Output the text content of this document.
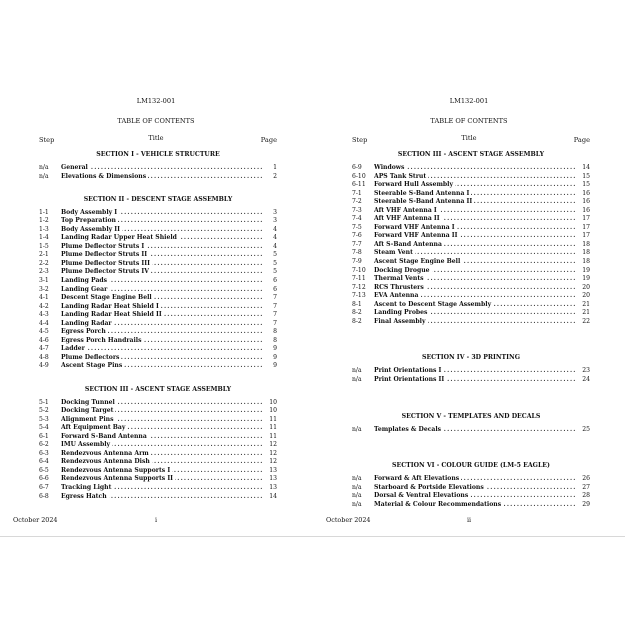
LM132-001
TABLE OF CONTENTS
Step	Title	Page
SECTION I - VEHICLE STRUCTURE
n/a	General .....	1
n/a	Elevations & Dimensions .....	2
SECTION II - DESCENT STAGE ASSEMBLY
1-1	Body Assembly I .....	3
1-2	Top Preparation .....	3
1-3	Body Assembly II .....	4
1-4	Landing Radar Upper Heat Shield .....	4
1-5	Plume Deflector Struts I .....	4
2-1	Plume Deflector Struts II .....	5
2-2	Plume Deflector Struts III .....	5
2-3	Plume Deflector Struts IV .....	5
3-1	Landing Pads .....	6
3-2	Landing Gear .....	6
4-1	Descent Stage Engine Bell .....	7
4-2	Landing Radar Heat Shield I .....	7
4-3	Landing Radar Heat Shield II .....	7
4-4	Landing Radar .....	7
4-5	Egress Porch .....	8
4-6	Egress Porch Handrails .....	8
4-7	Ladder .....	9
4-8	Plume Deflectors .....	9
4-9	Ascent Stage Pins .....	9
SECTION III - ASCENT STAGE ASSEMBLY
5-1	Docking Tunnel .....	10
5-2	Docking Target .....	10
5-3	Alignment Pins .....	11
5-4	Aft Equipment Bay .....	11
6-1	Forward S-Band Antenna .....	11
6-2	IMU Assembly .....	12
6-3	Rendezvous Antenna Arm .....	12
6-4	Rendezvous Antenna Dish .....	12
6-5	Rendezvous Antenna Supports I .....	13
6-6	Rendezvous Antenna Supports II .....	13
6-7	Tracking Light .....	13
6-8	Egress Hatch .....	14
October 2024	i
LM132-001
TABLE OF CONTENTS
Step	Title	Page
SECTION III - ASCENT STAGE ASSEMBLY
6-9	Windows .....	14
6-10	APS Tank Strut .....	15
6-11	Forward Hull Assembly .....	15
7-1	Steerable S-Band Antenna I .....	16
7-2	Steerable S-Band Antenna II .....	16
7-3	Aft VHF Antenna I .....	16
7-4	Aft VHF Antenna II .....	17
7-5	Forward VHF Antenna I .....	17
7-6	Forward VHF Antenna II .....	17
7-7	Aft S-Band Antenna .....	18
7-8	Steam Vent .....	18
7-9	Ascent Stage Engine Bell .....	18
7-10	Docking Drogue .....	19
7-11	Thermal Vents .....	19
7-12	RCS Thrusters .....	20
7-13	EVA Antenna .....	20
8-1	Ascent to Descent Stage Assembly .....	21
8-2	Landing Probes .....	21
8-2	Final Assembly .....	22
SECTION IV - 3D PRINTING
n/a	Print Orientations I .....	23
n/a	Print Orientations II .....	24
SECTION V - TEMPLATES AND DECALS
n/a	Templates & Decals .....	25
SECTION VI - COLOUR GUIDE (LM-5 EAGLE)
n/a	Forward & Aft Elevations .....	26
n/a	Starboard & Portside Elevations .....	27
n/a	Dorsal & Ventral Elevations .....	28
n/a	Material & Colour Recommendations .....	29
October 2024	ii
